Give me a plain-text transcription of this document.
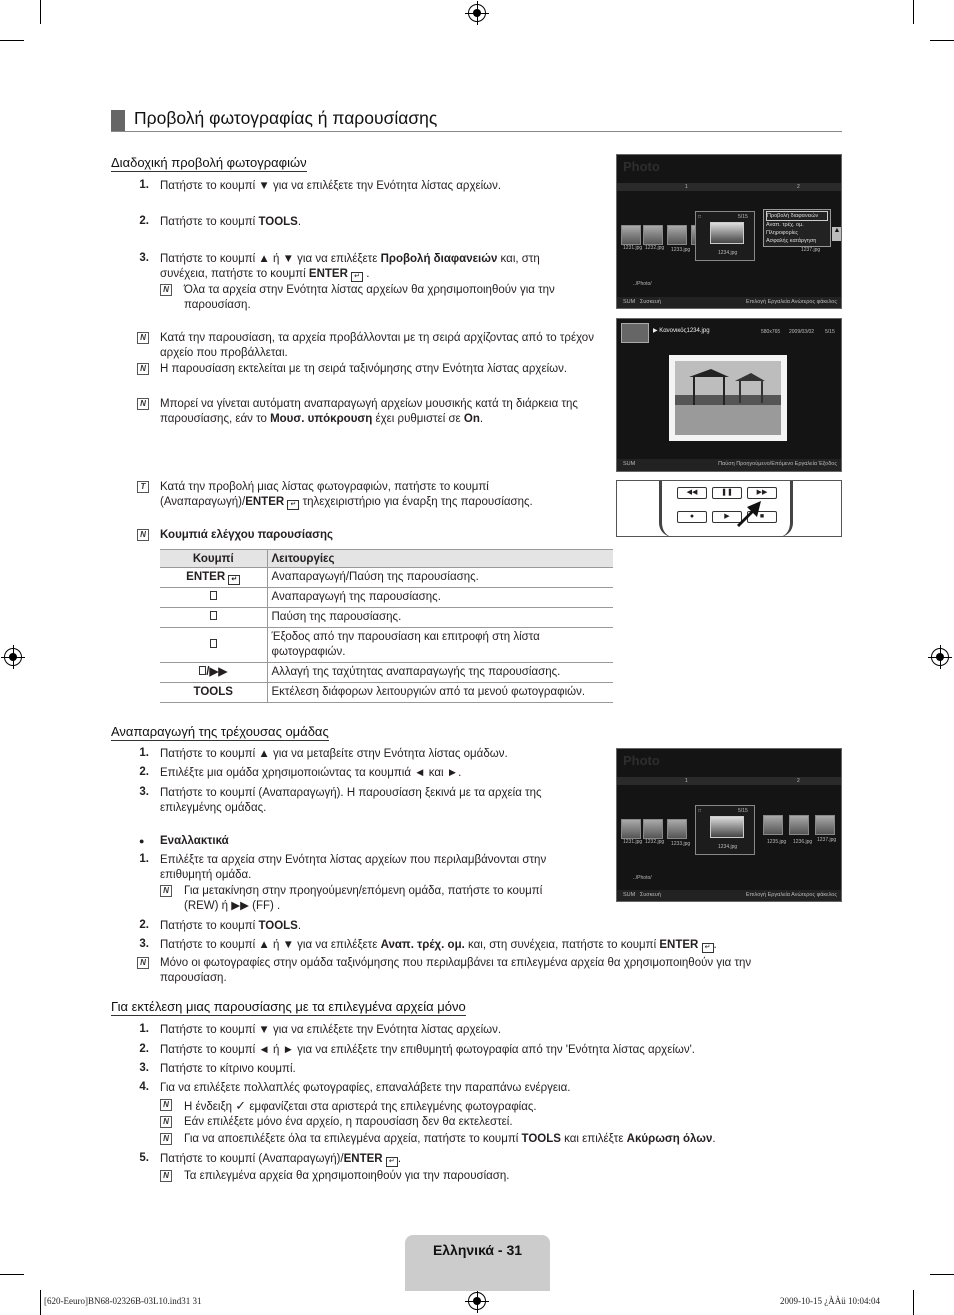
Προβολή φωτογραφίας ή παρουσίασης
Διαδοχική προβολή φωτογραφιών
1. Πατήστε το κουμπί ▼ για να επιλέξετε την Ενότητα λίστας αρχείων.
2. Πατήστε το κουμπί TOOLS.
3. Πατήστε το κουμπί ▲ ή ▼ για να επιλέξετε Προβολή διαφανειών και, στη
συνέχεια, πατήστε το κουμπί ENTER ↵ .
N Όλα τα αρχεία στην Ενότητα λίστας αρχείων θα χρησιμοποιηθούν για την παρουσίαση.
N Κατά την παρουσίαση, τα αρχεία προβάλλονται με τη σειρά αρχίζοντας από το τρέχον αρχείο που προβάλλεται.
N Η παρουσίαση εκτελείται με τη σειρά ταξινόμησης στην Ενότητα λίστας αρχείων.
N Μπορεί να γίνεται αυτόματη αναπαραγωγή αρχείων μουσικής κατά τη διάρκεια της παρουσίασης, εάν το Μουσ. υπόκρουση έχει ρυθμιστεί σε On.
T	Κατά την προβολή μιας λίστας φωτογραφιών, πατήστε το κουμπί
(Αναπαραγωγή)/ENTER ↵ τηλεχειριστήριο για έναρξη της παρουσίασης.
N Κουμπιά ελέγχου παρουσίασης
Κουμπί	Λειτουργίες
ENTER ↵	Αναπαραγωγή/Παύση της παρουσίασης.
	Αναπαραγωγή της παρουσίασης.
	Παύση της παρουσίασης.
	Έξοδος από την παρουσίαση και επιτροφή στη λίστα φωτογραφιών.
/▶▶	Αλλαγή της ταχύτητας αναπαραγωγής της παρουσίασης.
TOOLS	Εκτέλεση διάφορων λειτουργιών από τα μενού φωτογραφιών.
Αναπαραγωγή της τρέχουσας ομάδας
1. Πατήστε το κουμπί ▲ για να μεταβείτε στην Ενότητα λίστας ομάδων.
2. Επιλέξτε μια ομάδα χρησιμοποιώντας τα κουμπιά ◄ και ►.
3. Πατήστε το κουμπί (Αναπαραγωγή). Η παρουσίαση ξεκινά με τα αρχεία της επιλεγμένης ομάδας.
● Εναλλακτικά
1. Επιλέξτε τα αρχεία στην Ενότητα λίστας αρχείων που περιλαμβάνονται στην επιθυμητή ομάδα.
N Για μετακίνηση στην προηγούμενη/επόμενη ομάδα, πατήστε το κουμπί
(REW) ή ▶▶ (FF) .
2. Πατήστε το κουμπί TOOLS.
3. Πατήστε το κουμπί ▲ ή ▼ για να επιλέξετε Αναπ. τρέχ. ομ. και, στη συνέχεια, πατήστε το κουμπί ENTER ↵ .
N Μόνο οι φωτογραφίες στην ομάδα ταξινόμησης που περιλαμβάνει τα επιλεγμένα αρχεία θα χρησιμοποιηθούν για την παρουσίαση.
Για εκτέλεση μιας παρουσίασης με τα επιλεγμένα αρχεία μόνο
1. Πατήστε το κουμπί ▼ για να επιλέξετε την Ενότητα λίστας αρχείων.
2. Πατήστε το κουμπί ◄ ή ► για να επιλέξετε την επιθυμητή φωτογραφία από την 'Ενότητα λίστας αρχείων'.
3. Πατήστε το κίτρινο κουμπί.
4. Για να επιλέξετε πολλαπλές φωτογραφίες, επαναλάβετε την παραπάνω ενέργεια.
N Η ένδειξη ✓ εμφανίζεται στα αριστερά της επιλεγμένης φωτογραφίας.
N Εάν επιλέξετε μόνο ένα αρχείο, η παρουσίαση δεν θα εκτελεστεί.
N Για να αποεπιλέξετε όλα τα επιλεγμένα αρχεία, πατήστε το κουμπί TOOLS και επιλέξτε Ακύρωση όλων.
5. Πατήστε το κουμπί (Αναπαραγωγή)/ENTER ↵ .
N Τα επιλεγμένα αρχεία θα χρησιμοποιηθούν για την παρουσίαση.
Photo
1	2
1231.jpg 1232.jpg 1233.jpg
□	5/15
1234.jpg
Προβολή διαφανειών
Αναπ. τρέχ. ομ.
Πληροφορίες
Ασφαλής κατάργηση
1237.jpg
▲
../Photo/
SUM Συσκευή	Επιλογή Εργαλεία Ανώτερος φάκελος
▶ Κανονικός1234.jpg	580x765 2009/03/02 5/15
SUM	Παύση Προηγούμενο/Επόμενο Εργαλεία Έξοδος
◀◀	❚❚	▶▶
●	▶	■
Photo
1	2
1231.jpg 1232.jpg 1233.jpg
□	5/15
1234.jpg
1235.jpg 1236.jpg 1237.jpg
../Photo/
SUM Συσκευή	Επιλογή Εργαλεία Ανώτερος φάκελος
Ελληνικά - 31
[620-Eeuro]BN68-02326B-03L10.ind31 31	2009-10-15 ¿ÀÀü 10:04:04
